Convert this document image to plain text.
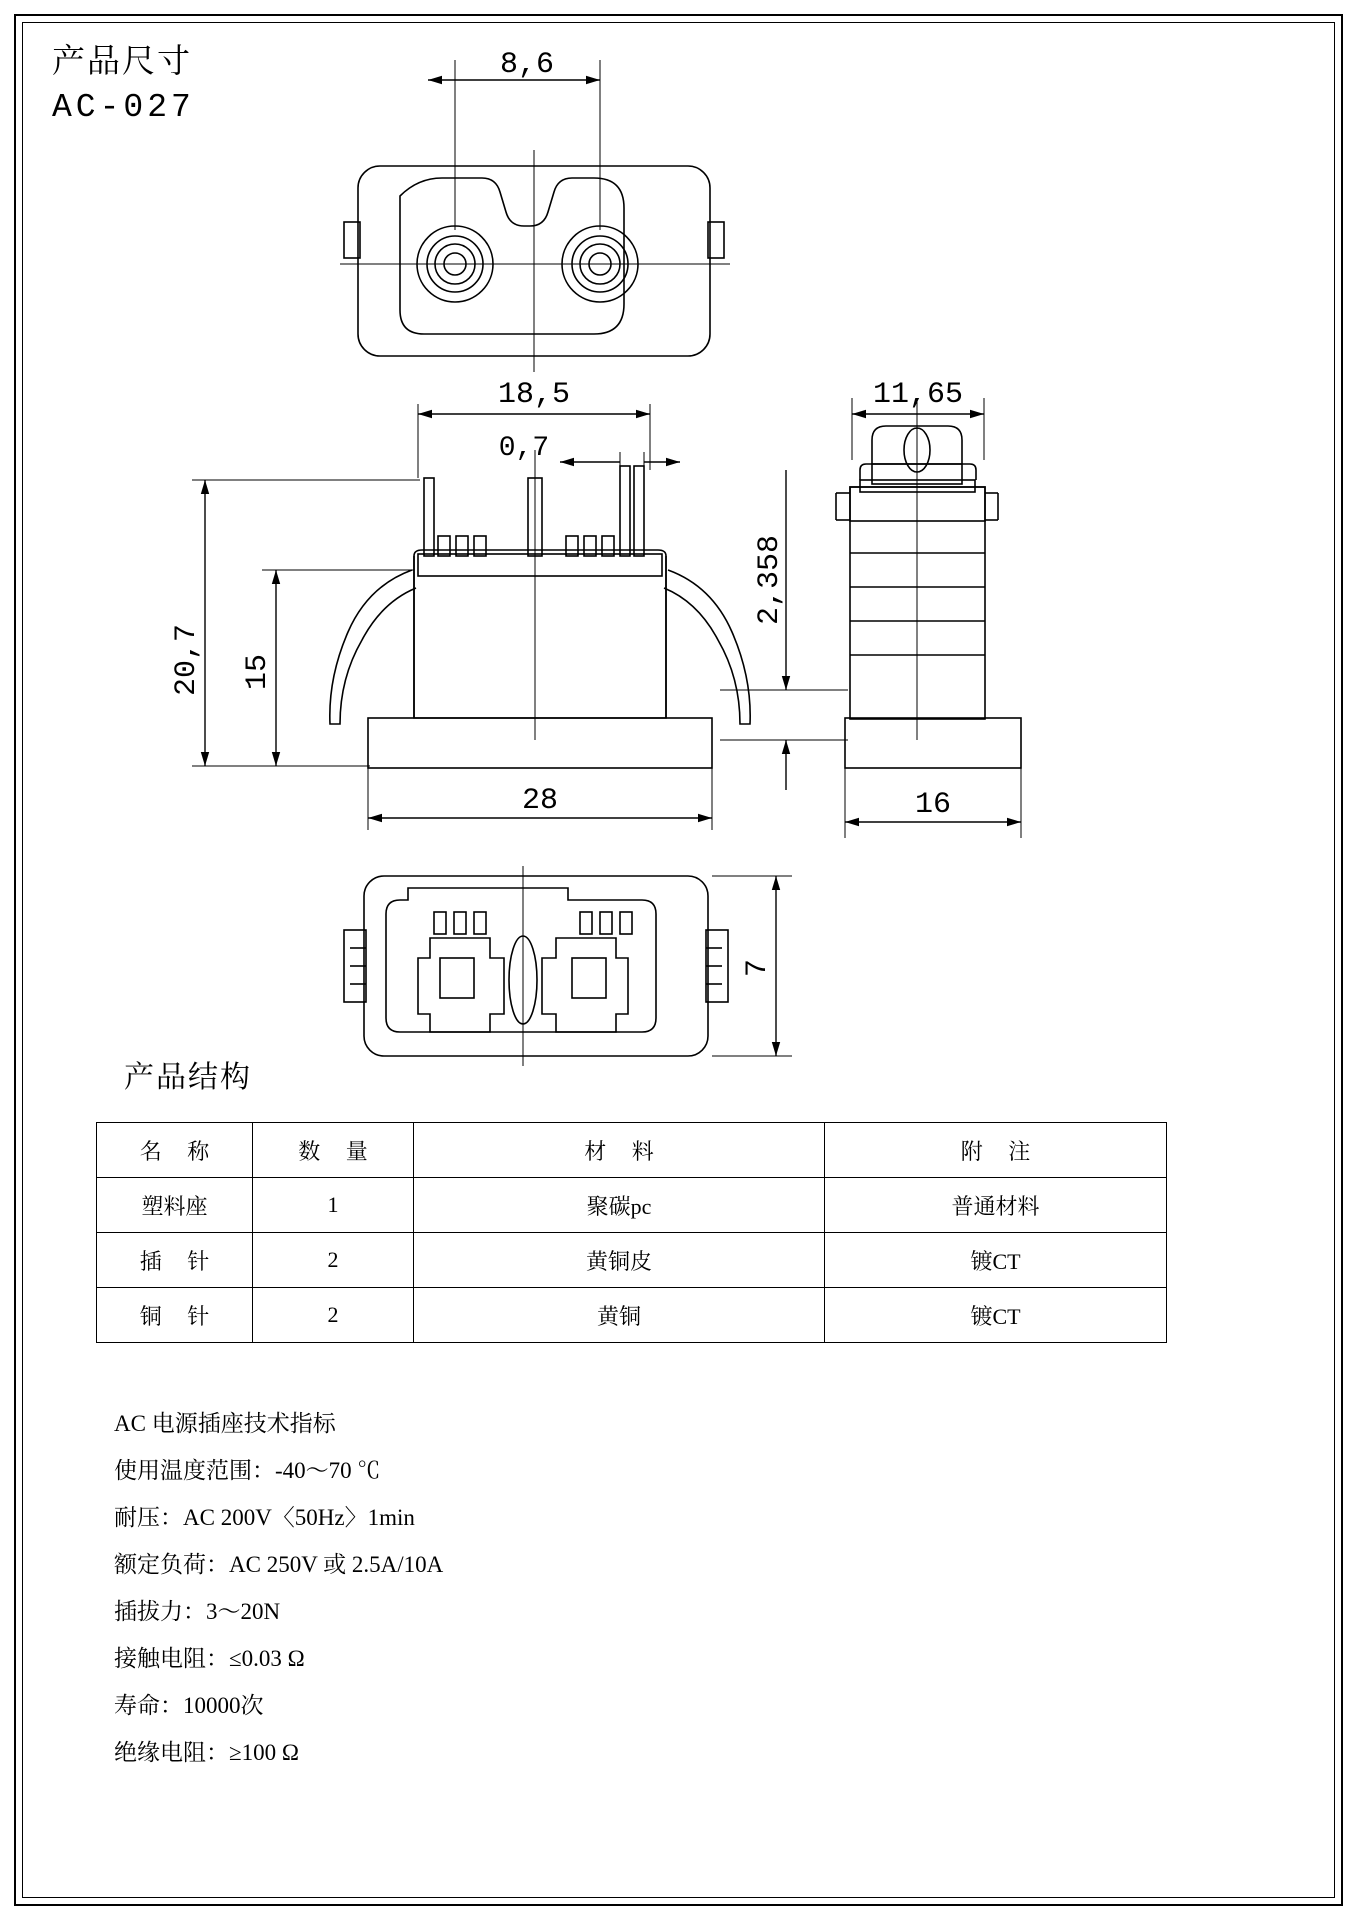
产品尺寸
AC-027
8,6
18,5
0,7
28
11,65
16
20,7 15
2,358
7
产品结构
名 称	数 量	材 料	附 注
塑料座	1	聚碳pc	普通材料
插 针	2	黄铜皮	镀CT
铜 针	2	黄铜	镀CT
AC 电源插座技术指标
使用温度范围：-40～70 ℃
耐压：AC 200V〈50Hz〉1min
额定负荷：AC 250V 或 2.5A/10A
插拔力：3～20N
接触电阻：≤0.03 Ω
寿命：10000次
绝缘电阻：≥100 Ω
